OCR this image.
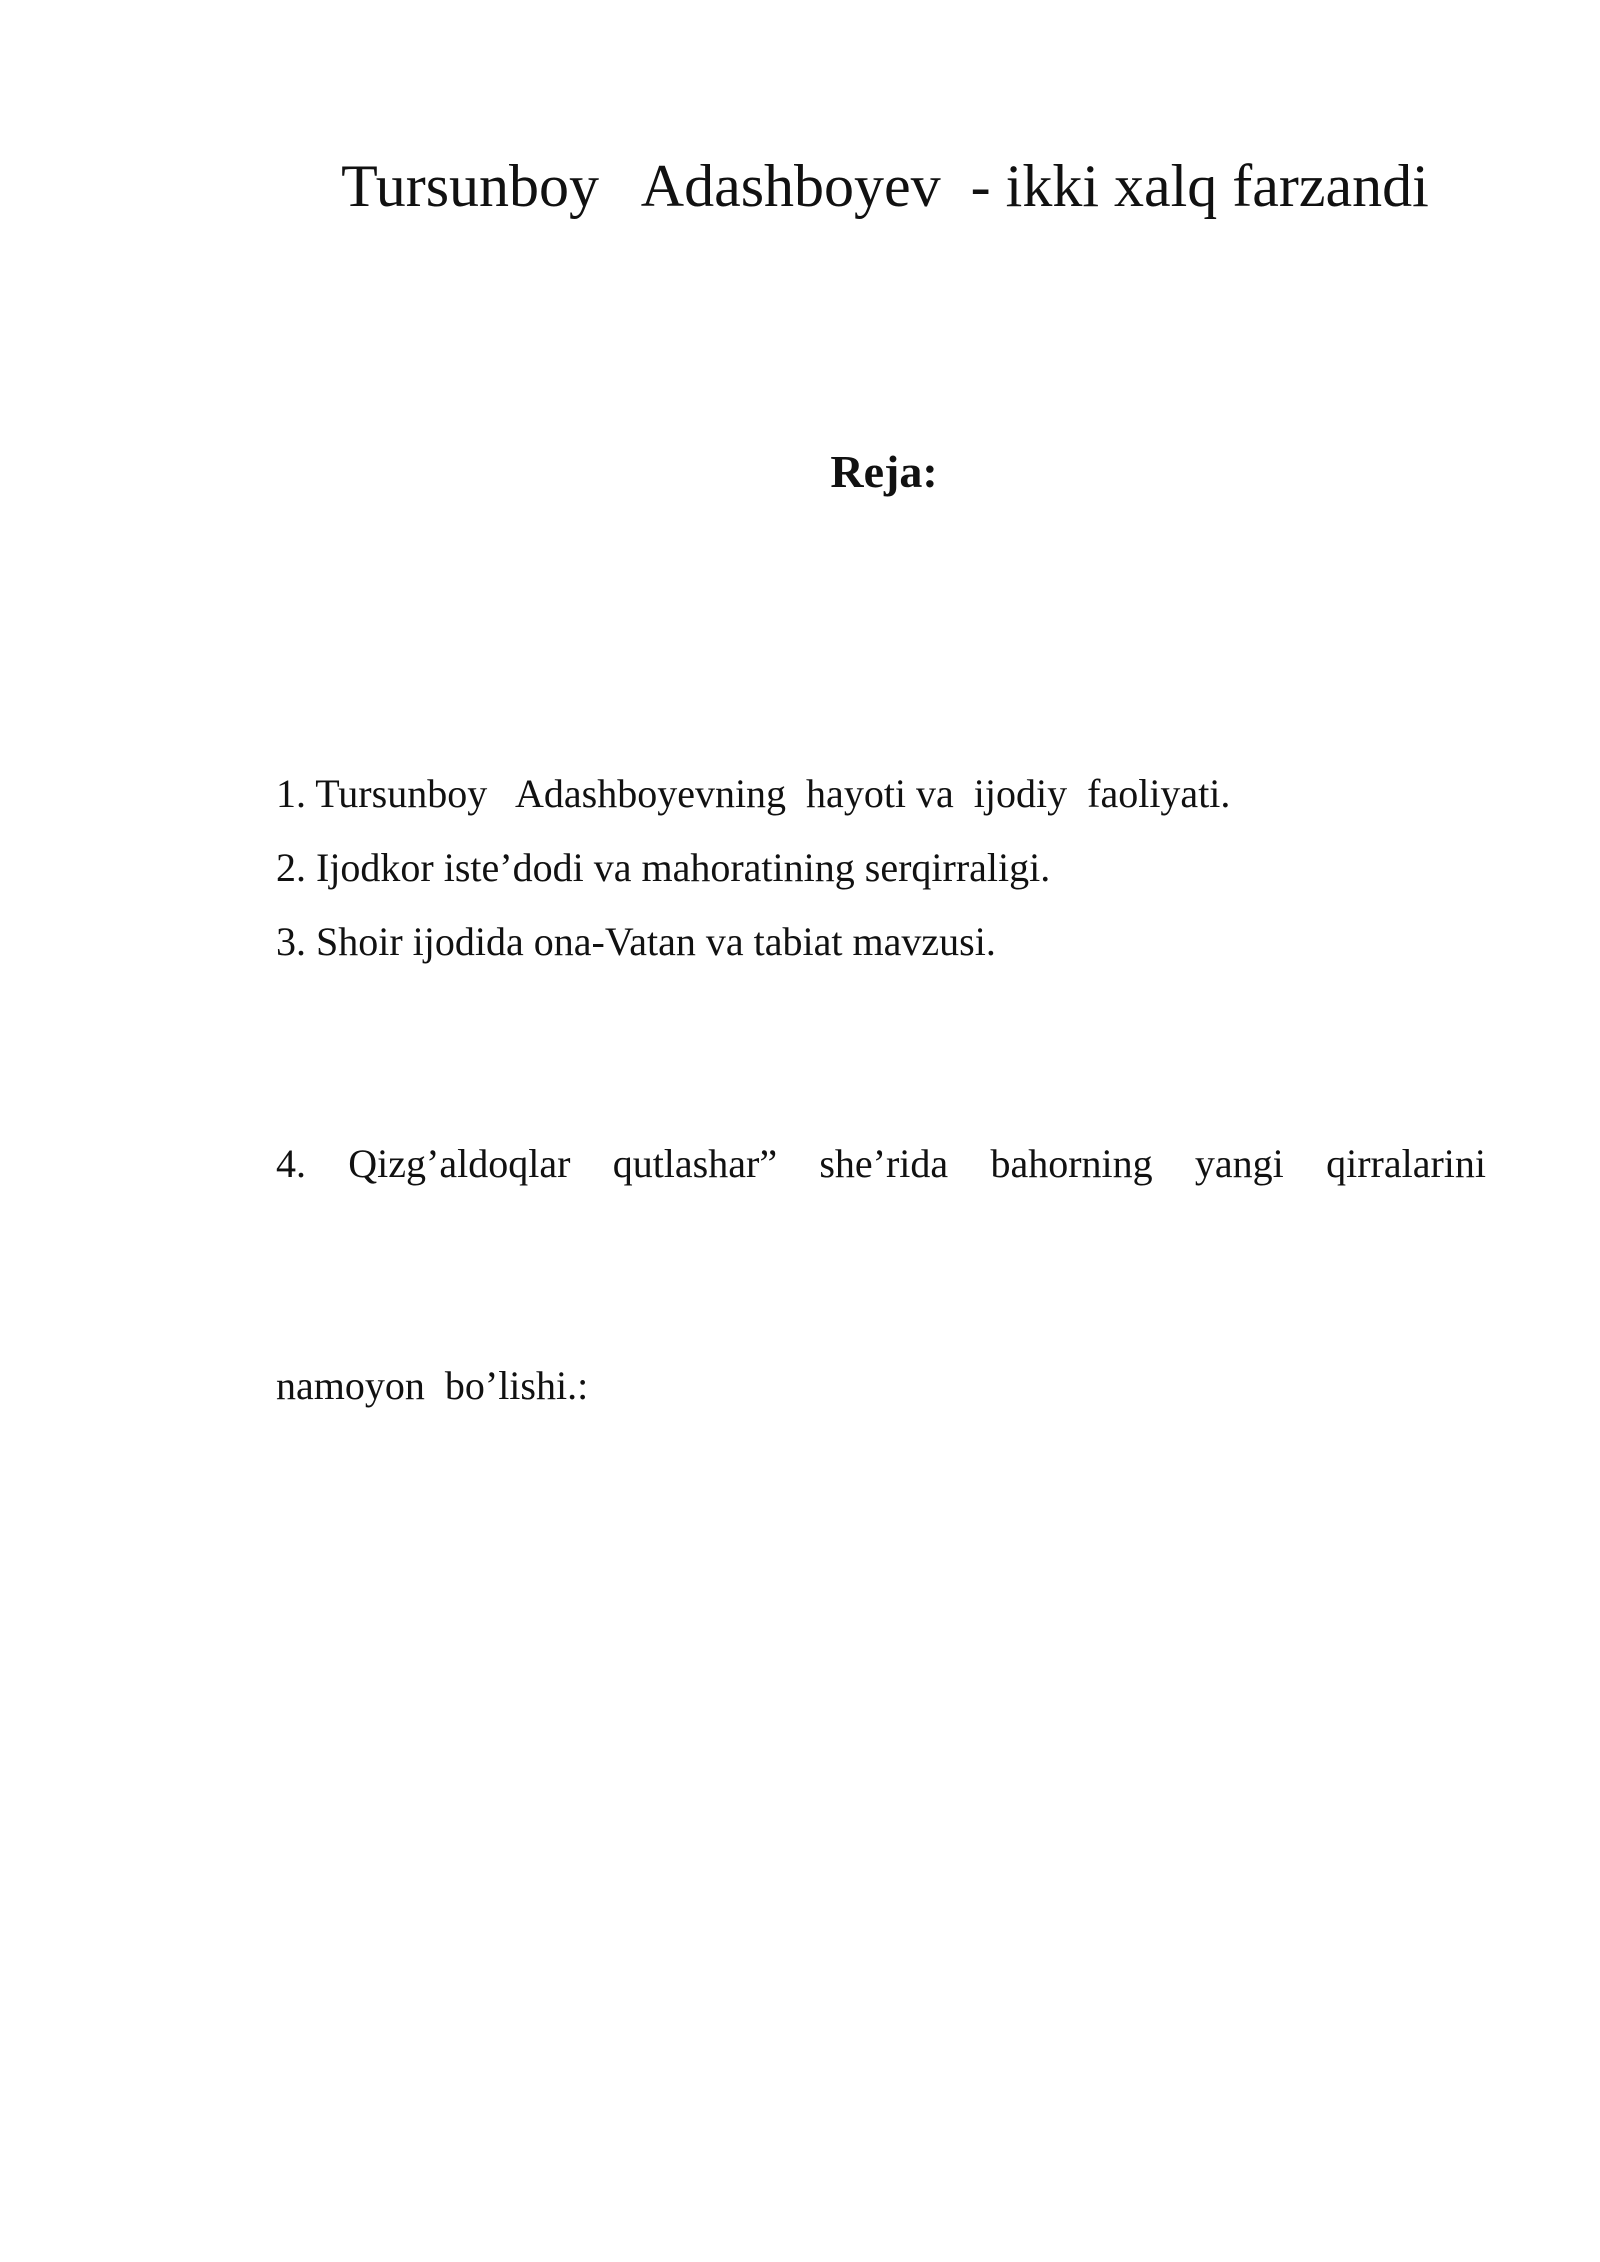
Tursunboy   Adashboyev  - ikki xalq farzandi
Reja:
1. Tursunboy   Adashboyevning  hayoti va  ijodiy  faoliyati.
2. Ijodkor iste’dodi va mahoratining serqirraligi.
3. Shoir ijodida ona-Vatan va tabiat mavzusi.

4. Qizg’aldoqlar qutlashar” she’rida bahorning yangi qirralarini

namoyon  bo’lishi.:
